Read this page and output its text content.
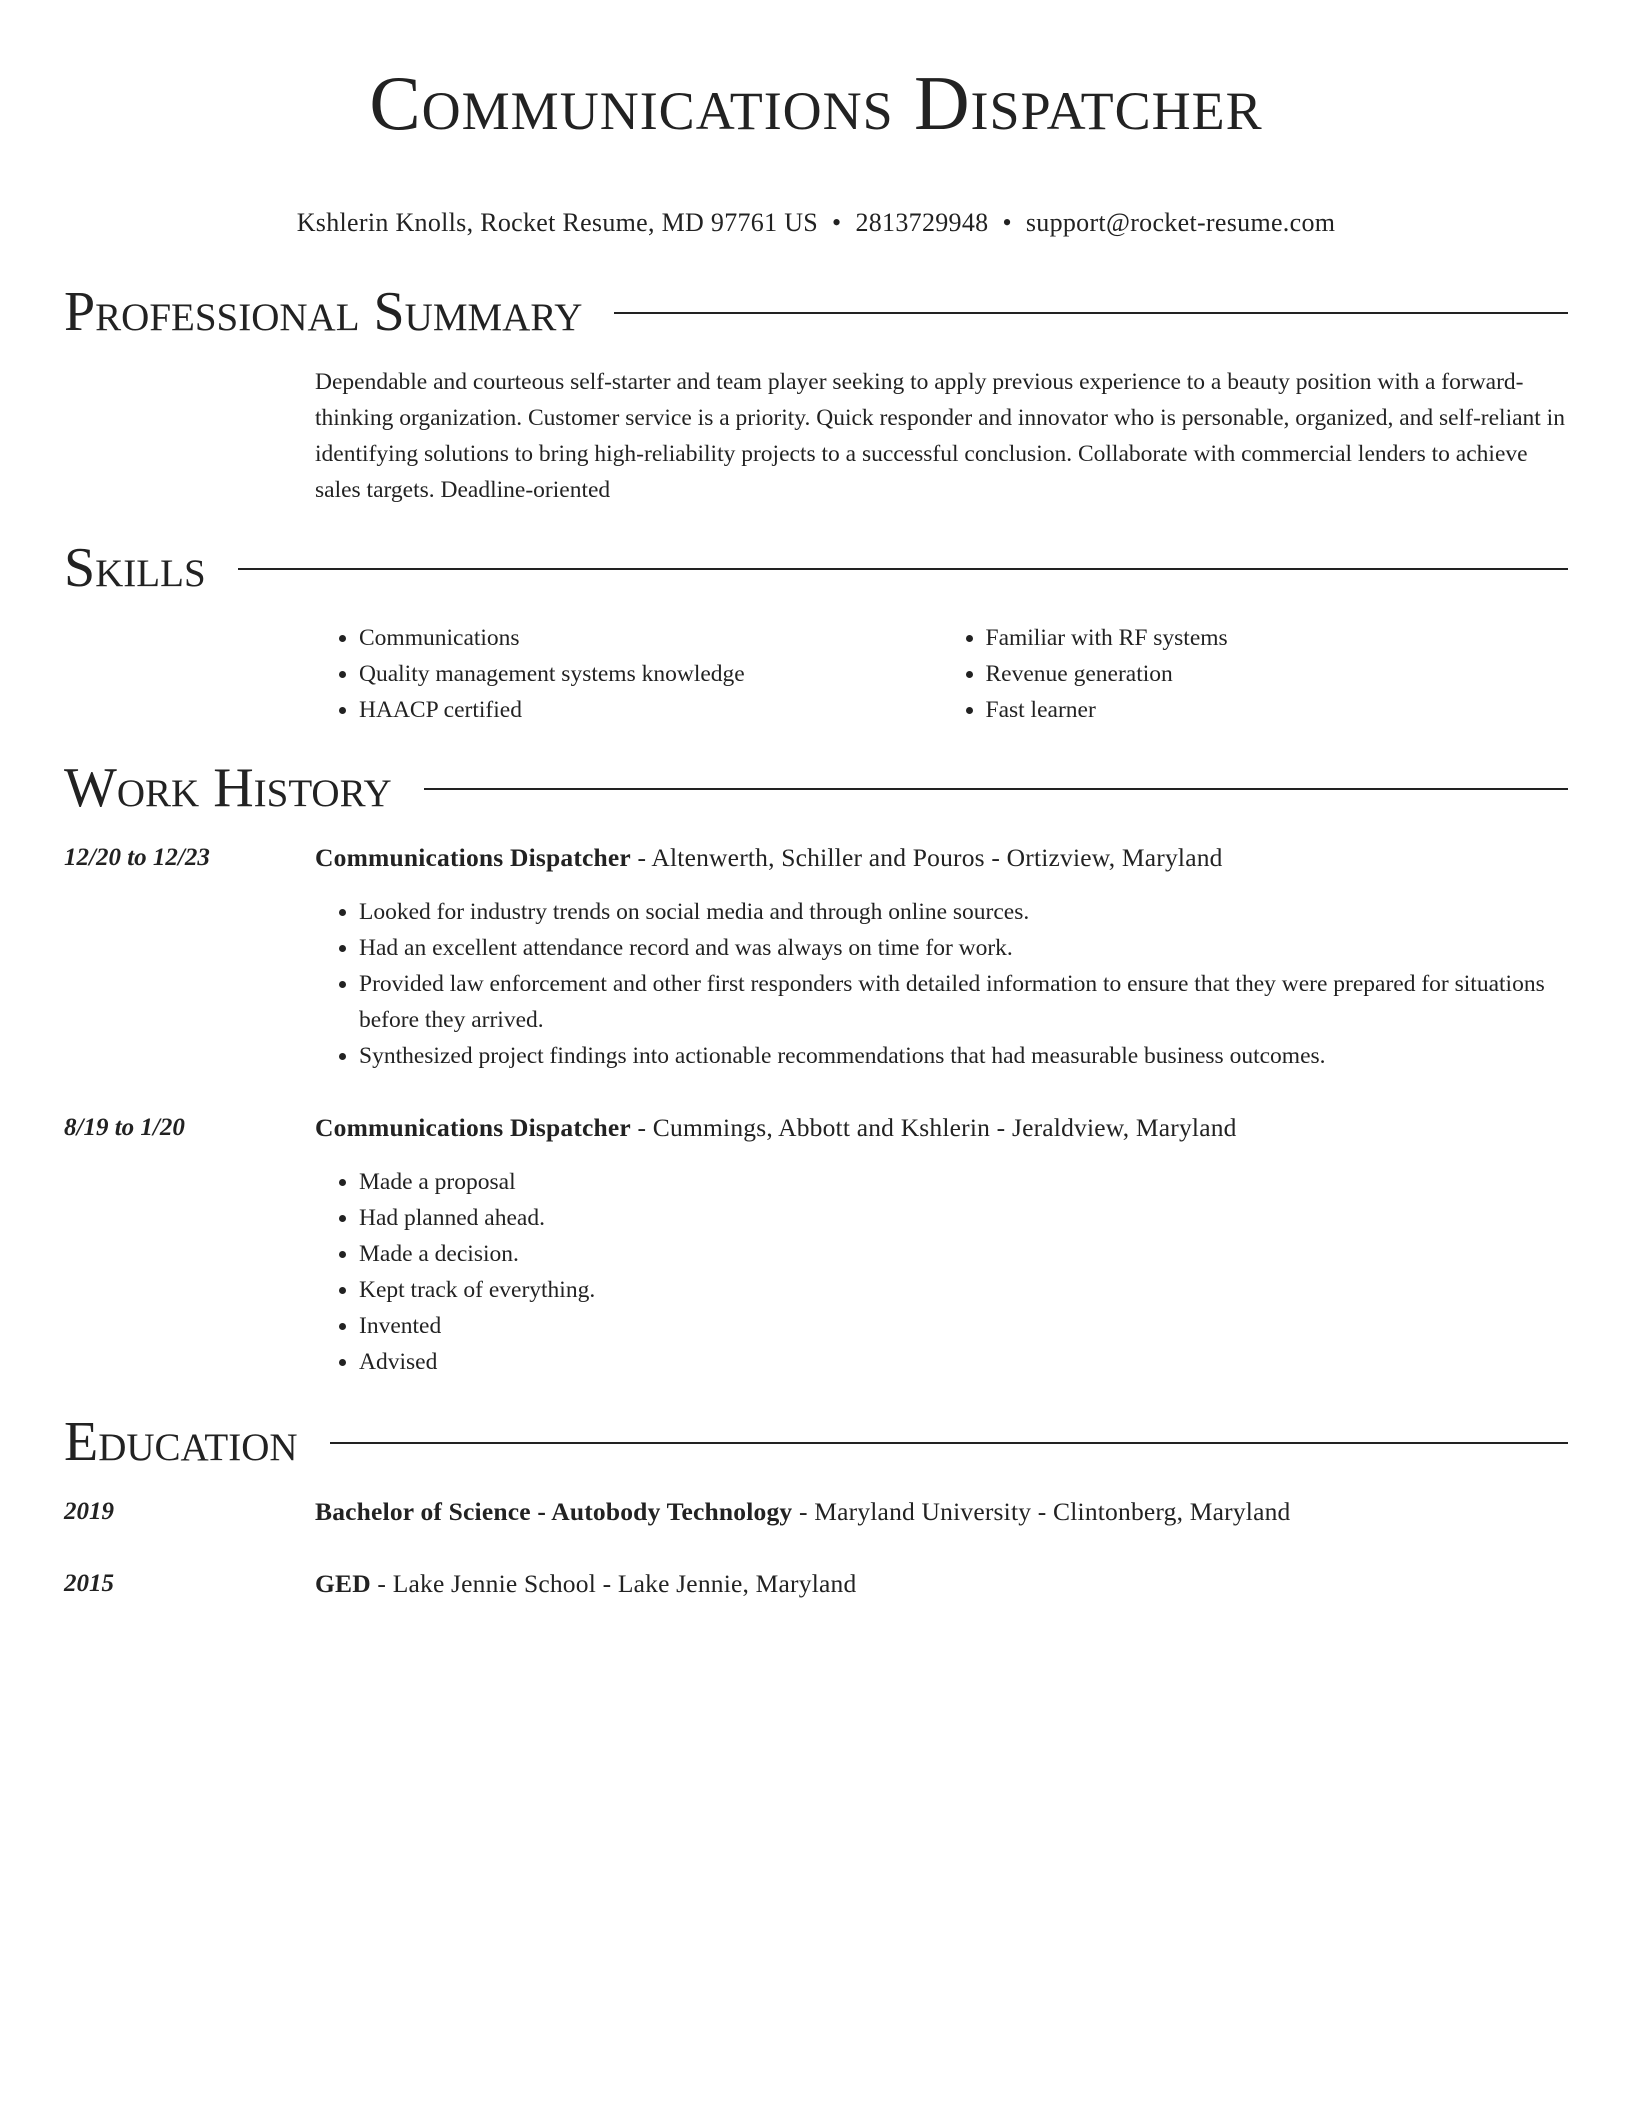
Communications Dispatcher
Kshlerin Knolls, Rocket Resume, MD 97761 US • 2813729948 • support@rocket-resume.com
Professional Summary
Dependable and courteous self-starter and team player seeking to apply previous experience to a beauty position with a forward-thinking organization. Customer service is a priority. Quick responder and innovator who is personable, organized, and self-reliant in identifying solutions to bring high-reliability projects to a successful conclusion. Collaborate with commercial lenders to achieve sales targets. Deadline-oriented
Skills
• Communications
• Quality management systems knowledge
• HAACP certified
• Familiar with RF systems
• Revenue generation
• Fast learner
Work History
12/20 to 12/23	Communications Dispatcher - Altenwerth, Schiller and Pouros - Ortizview, Maryland
• Looked for industry trends on social media and through online sources.
• Had an excellent attendance record and was always on time for work.
• Provided law enforcement and other first responders with detailed information to ensure that they were prepared for situations before they arrived.
• Synthesized project findings into actionable recommendations that had measurable business outcomes.
8/19 to 1/20	Communications Dispatcher - Cummings, Abbott and Kshlerin - Jeraldview, Maryland
• Made a proposal
• Had planned ahead.
• Made a decision.
• Kept track of everything.
• Invented
• Advised
Education
2019	Bachelor of Science - Autobody Technology - Maryland University - Clintonberg, Maryland
2015	GED - Lake Jennie School - Lake Jennie, Maryland
